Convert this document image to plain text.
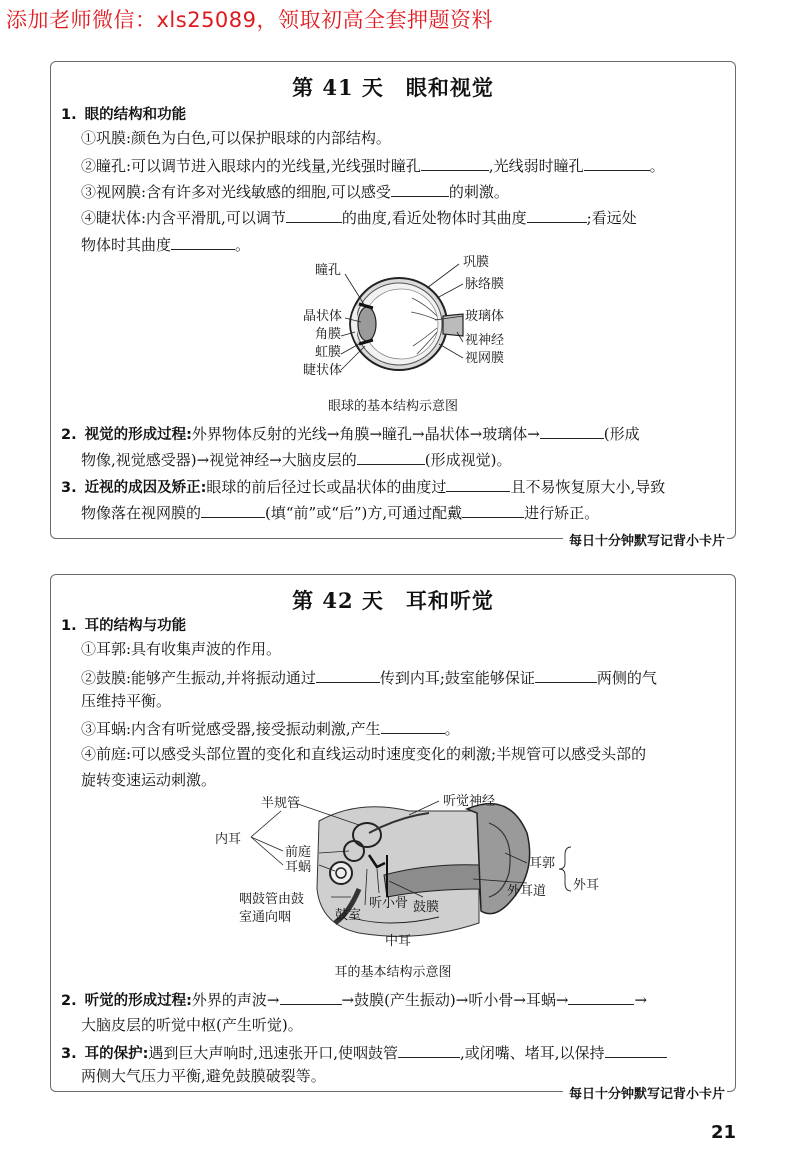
添加老师微信：xls25089，领取初高全套押题资料
第 41 天　眼和视觉
1. 眼的结构和功能
①巩膜:颜色为白色,可以保护眼球的内部结构。
②瞳孔:可以调节进入眼球内的光线量,光线强时瞳孔	,光线弱时瞳孔	。
③视网膜:含有许多对光线敏感的细胞,可以感受	的刺激。
④睫状体:内含平滑肌,可以调节	的曲度,看近处物体时其曲度	;看远处
物体时其曲度	。
瞳孔
晶状体
角膜
虹膜
睫状体
巩膜
脉络膜
玻璃体
视神经
视网膜
眼球的基本结构示意图
2. 视觉的形成过程:外界物体反射的光线→角膜→瞳孔→晶状体→玻璃体→	(形成
物像,视觉感受器)→视觉神经→大脑皮层的	(形成视觉)。
3. 近视的成因及矫正:眼球的前后径过长或晶状体的曲度过	且不易恢复原大小,导致
物像落在视网膜的	(填“前”或“后”)方,可通过配戴	进行矫正。
每日十分钟默写记背小卡片
第 42 天　耳和听觉
1. 耳的结构与功能
①耳郭:具有收集声波的作用。
②鼓膜:能够产生振动,并将振动通过	传到内耳;鼓室能够保证	两侧的气
压维持平衡。
③耳蜗:内含有听觉感受器,接受振动刺激,产生	。
④前庭:可以感受头部位置的变化和直线运动时速度变化的刺激;半规管可以感受头部的
旋转变速运动刺激。
半规管	听觉神经
内耳
前庭
耳蜗	耳郭
外耳道 外耳
咽鼓管由鼓
室通向咽
听小骨 鼓膜
鼓室
中耳
耳的基本结构示意图
2. 听觉的形成过程:外界的声波→	→鼓膜(产生振动)→听小骨→耳蜗→	→
大脑皮层的听觉中枢(产生听觉)。
3. 耳的保护:遇到巨大声响时,迅速张开口,使咽鼓管	,或闭嘴、堵耳,以保持
两侧大气压力平衡,避免鼓膜破裂等。
每日十分钟默写记背小卡片
21
